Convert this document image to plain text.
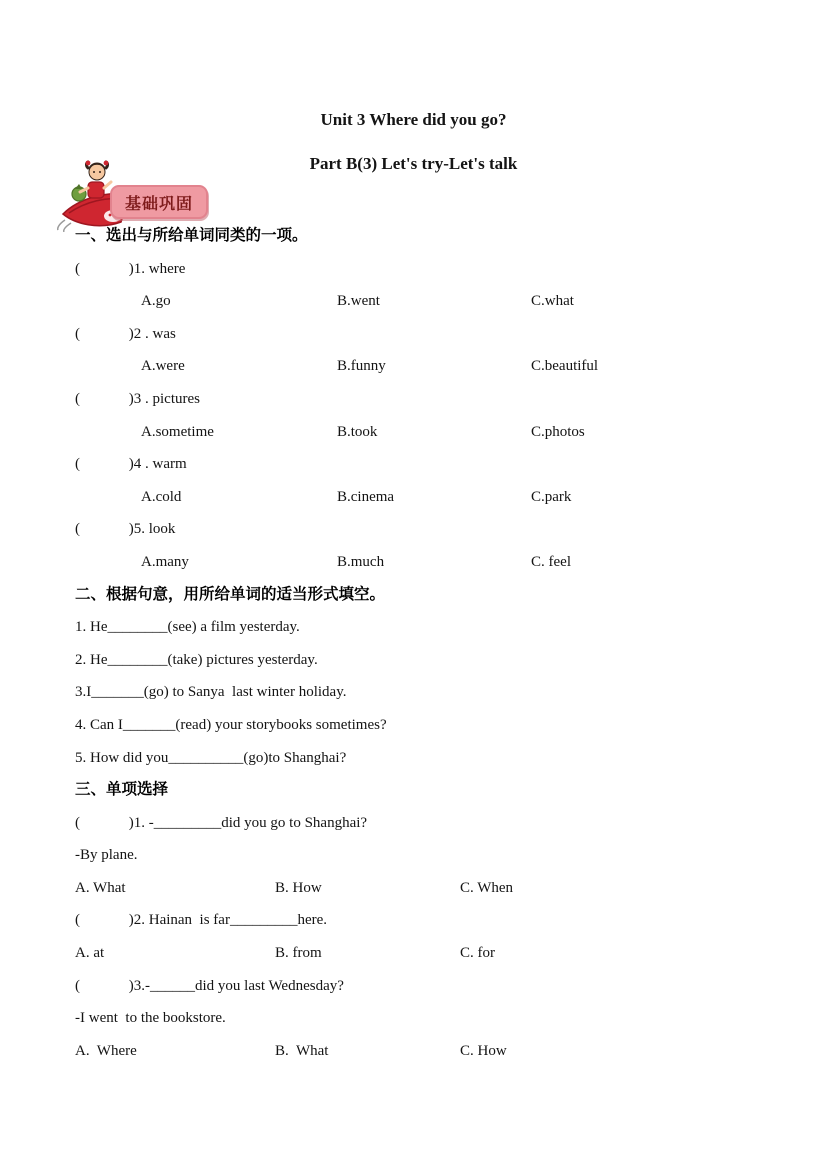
Unit 3 Where did you go?
Part B(3) Let's try-Let's talk
基础巩固
一、选出与所给单词同类的一项。
(             )1. where

A.go

	B.went

	C.what

(             )2 . was

A.were

	B.funny

	C.beautiful

(             )3 . pictures

A.sometime

	B.took

	C.photos

(             )4 . warm

A.cold

	B.cinema

	C.park

(             )5. look

A.many

	B.much

	C. feel

二、根据句意，用所给单词的适当形式填空。
1. He________(see) a film yesterday.
2. He________(take) pictures yesterday.
3.I_______(go) to Sanya  last winter holiday.
4. Can I_______(read) your storybooks sometimes?
5. How did you__________(go)to Shanghai?
三、单项选择
(             )1. -_________did you go to Shanghai?
-By plane.

A. What

	B. How

	C. When

(             )2. Hainan  is far_________here.

A. at

	B. from

	C. for

(             )3.-______did you last Wednesday?
-I went  to the bookstore.

A.  Where

	B.  What

	C. How
